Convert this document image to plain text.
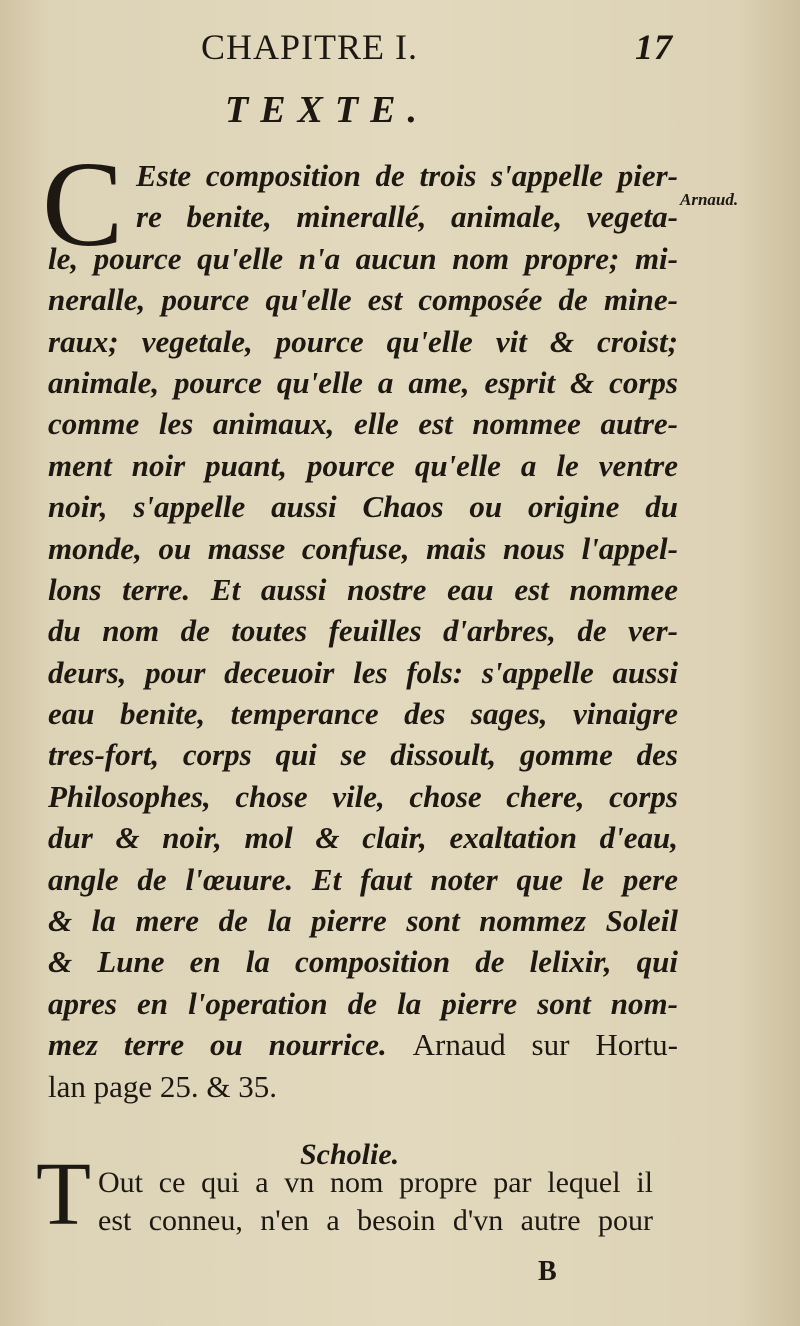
CHAPITRE I.	17
TEXTE.
Arnaud.
C Este composition de trois s'appelle pier-
re benite, minerallé, animale, vegeta-
le, pource qu'elle n'a aucun nom propre; mi-
neralle, pource qu'elle est composée de mine-
raux; vegetale, pource qu'elle vit & croist;
animale, pource qu'elle a ame, esprit & corps
comme les animaux, elle est nommee autre-
ment noir puant, pource qu'elle a le ventre
noir, s'appelle aussi Chaos ou origine du
monde, ou masse confuse, mais nous l'appel-
lons terre. Et aussi nostre eau est nommee
du nom de toutes feuilles d'arbres, de ver-
deurs, pour deceuoir les fols: s'appelle aussi
eau benite, temperance des sages, vinaigre
tres-fort, corps qui se dissoult, gomme des
Philosophes, chose vile, chose chere, corps
dur & noir, mol & clair, exaltation d'eau,
angle de l'œuure. Et faut noter que le pere
& la mere de la pierre sont nommez Soleil
& Lune en la composition de lelixir, qui
apres en l'operation de la pierre sont nom-
mez terre ou nourrice. Arnaud sur Hortu-
lan page 25. & 35.
Scholie.
T Out ce qui a vn nom propre par lequel il
est conneu, n'en a besoin d'vn autre pour
B
